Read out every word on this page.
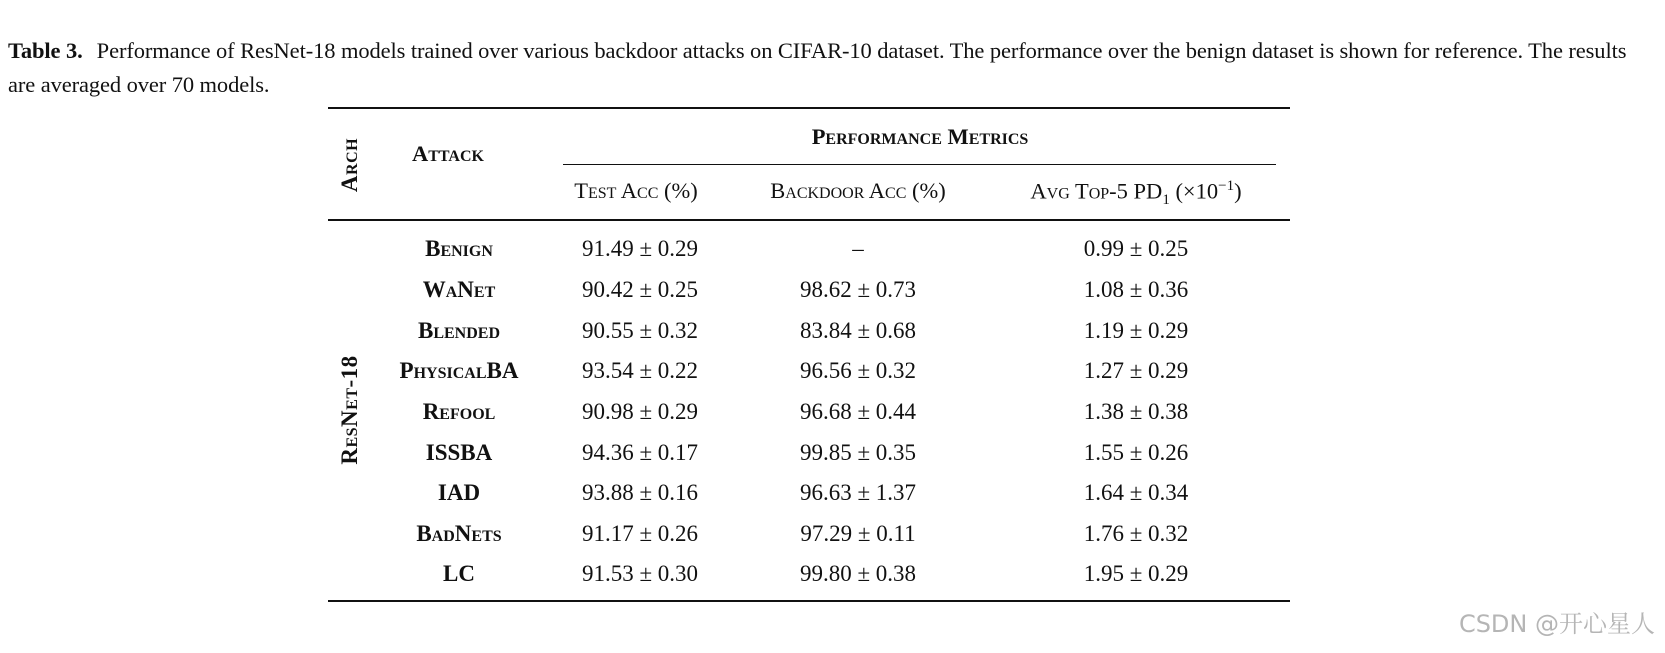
Table 3. Performance of ResNet-18 models trained over various backdoor attacks on CIFAR-10 dataset. The performance over the benign dataset is shown for reference. The results are averaged over 70 models.
Arch Attack
Performance Metrics
Test Acc (%)	Backdoor Acc (%)	Avg Top-5 $PD_1$ $(\times 10^{-1})$
ResNet-18
Benign	91.49 ± 0.29	–	0.99 ± 0.25
WaNet	90.42 ± 0.25	98.62 ± 0.73	1.08 ± 0.36
Blended	90.55 ± 0.32	83.84 ± 0.68	1.19 ± 0.29
PhysicalBA	93.54 ± 0.22	96.56 ± 0.32	1.27 ± 0.29
Refool	90.98 ± 0.29	96.68 ± 0.44	1.38 ± 0.38
ISSBA	94.36 ± 0.17	99.85 ± 0.35	1.55 ± 0.26
IAD	93.88 ± 0.16	96.63 ± 1.37	1.64 ± 0.34
BadNets	91.17 ± 0.26	97.29 ± 0.11	1.76 ± 0.32
LC	91.53 ± 0.30	99.80 ± 0.38	1.95 ± 0.29
CSDN @开心星人
